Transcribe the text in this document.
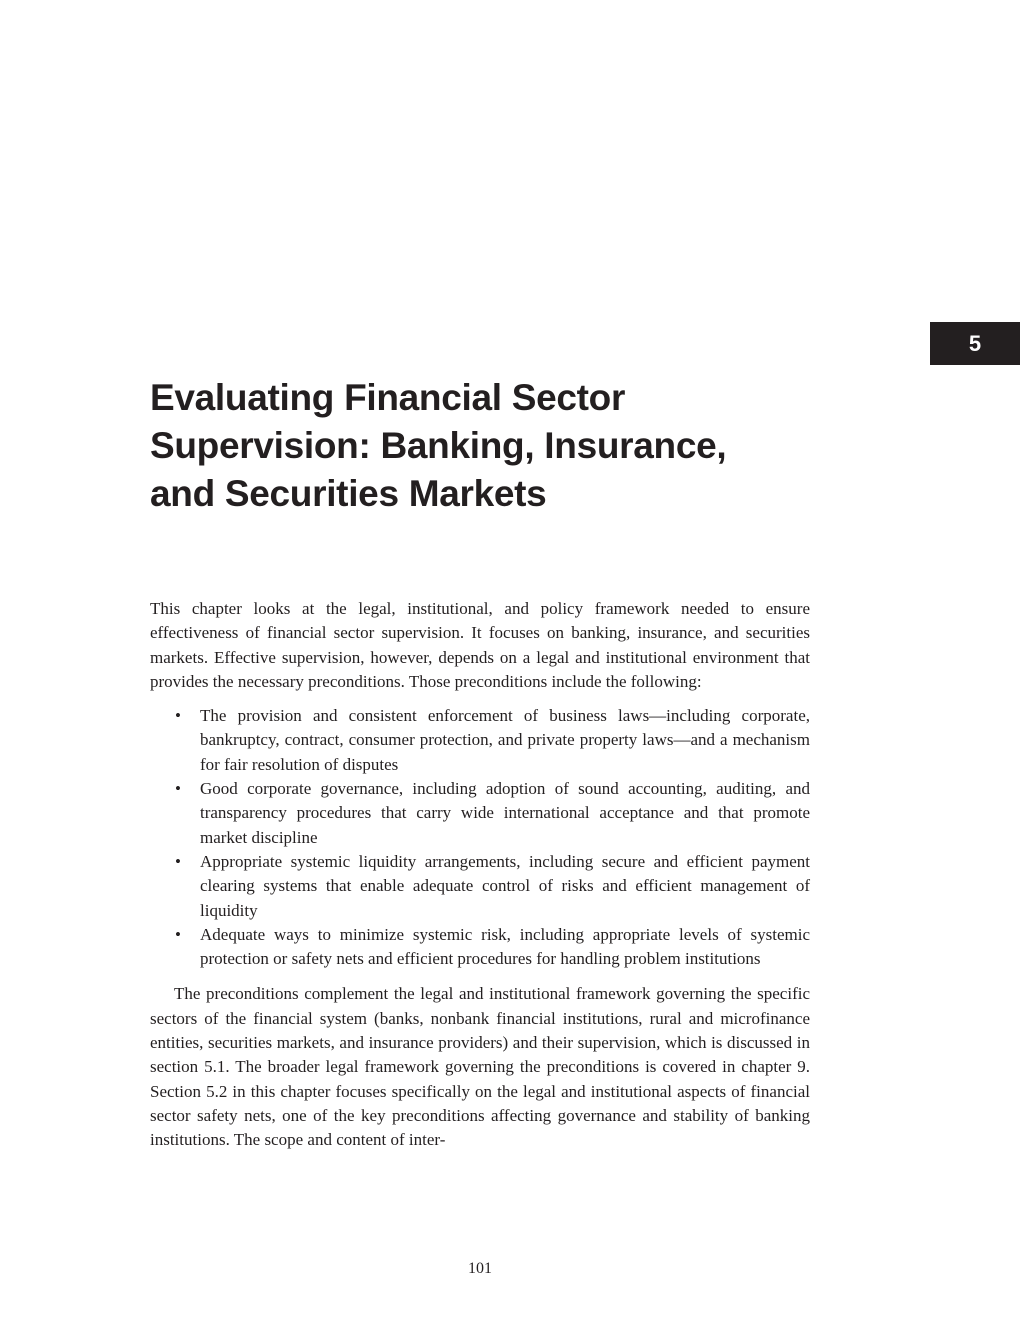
5
Evaluating Financial Sector
Supervision: Banking, Insurance,
and Securities Markets

This chapter looks at the legal, institutional, and policy framework needed to ensure effectiveness of financial sector supervision. It focuses on banking, insurance, and securities markets. Effective supervision, however, depends on a legal and institutional environment that provides the necessary preconditions. Those preconditions include the following:

• The provision and consistent enforcement of business laws—including corporate, bankruptcy, contract, consumer protection, and private property laws—and a mechanism for fair resolution of disputes
• Good corporate governance, including adoption of sound accounting, auditing, and transparency procedures that carry wide international acceptance and that promote market discipline
• Appropriate systemic liquidity arrangements, including secure and efficient payment clearing systems that enable adequate control of risks and efficient management of liquidity
• Adequate ways to minimize systemic risk, including appropriate levels of systemic protection or safety nets and efficient procedures for handling problem institutions

The preconditions complement the legal and institutional framework governing the specific sectors of the financial system (banks, nonbank financial institutions, rural and microfinance entities, securities markets, and insurance providers) and their supervision, which is discussed in section 5.1. The broader legal framework governing the preconditions is covered in chapter 9. Section 5.2 in this chapter focuses specifically on the legal and institutional aspects of financial sector safety nets, one of the key preconditions affecting governance and stability of banking institutions. The scope and content of inter-

101
